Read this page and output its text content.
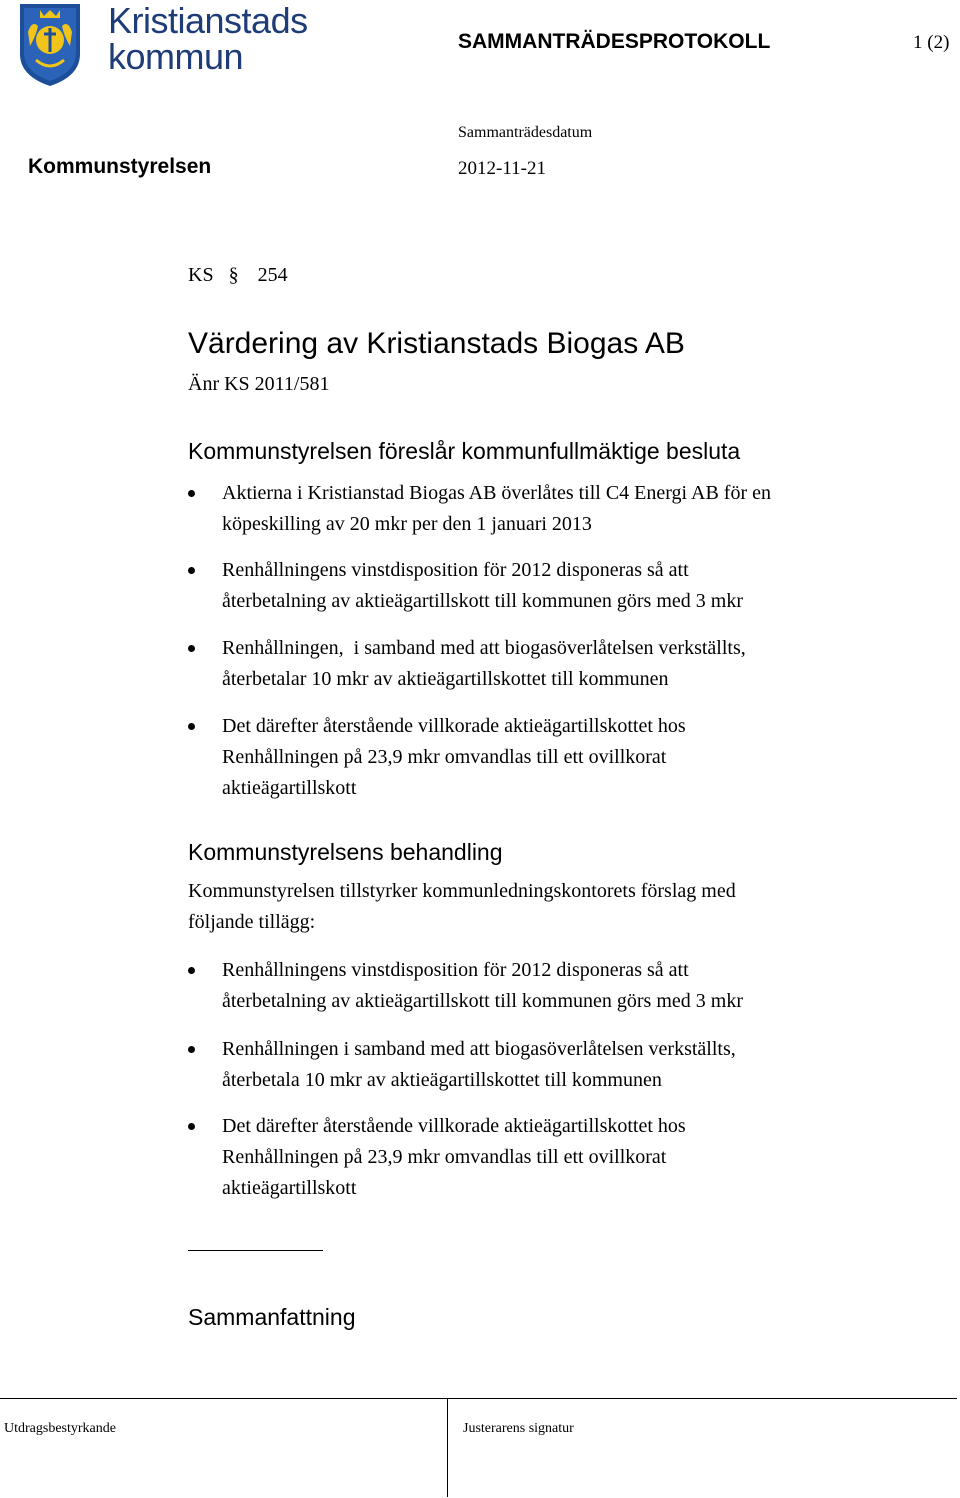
Kristianstads
kommun	SAMMANTRÄDESPROTOKOLL	1 (2)
Kommunstyrelsen
Sammanträdesdatum
2012-11-21
KS § 254
Värdering av Kristianstads Biogas AB
Änr KS 2011/581
Kommunstyrelsen föreslår kommunfullmäktige besluta
Aktierna i Kristianstad Biogas AB överlåtes till C4 Energi AB för en
köpeskilling av 20 mkr per den 1 januari 2013
Renhållningens vinstdisposition för 2012 disponeras så att
återbetalning av aktieägartillskott till kommunen görs med 3 mkr
Renhållningen,  i samband med att biogasöverlåtelsen verkställts,
återbetalar 10 mkr av aktieägartillskottet till kommunen
Det därefter återstående villkorade aktieägartillskottet hos
Renhållningen på 23,9 mkr omvandlas till ett ovillkorat
aktieägartillskott
Kommunstyrelsens behandling
Kommunstyrelsen tillstyrker kommunledningskontorets förslag med
följande tillägg:
Renhållningens vinstdisposition för 2012 disponeras så att
återbetalning av aktieägartillskott till kommunen görs med 3 mkr
Renhållningen i samband med att biogasöverlåtelsen verkställts,
återbetala 10 mkr av aktieägartillskottet till kommunen
Det därefter återstående villkorade aktieägartillskottet hos
Renhållningen på 23,9 mkr omvandlas till ett ovillkorat
aktieägartillskott
Sammanfattning
Utdragsbestyrkande	Justerarens signatur
